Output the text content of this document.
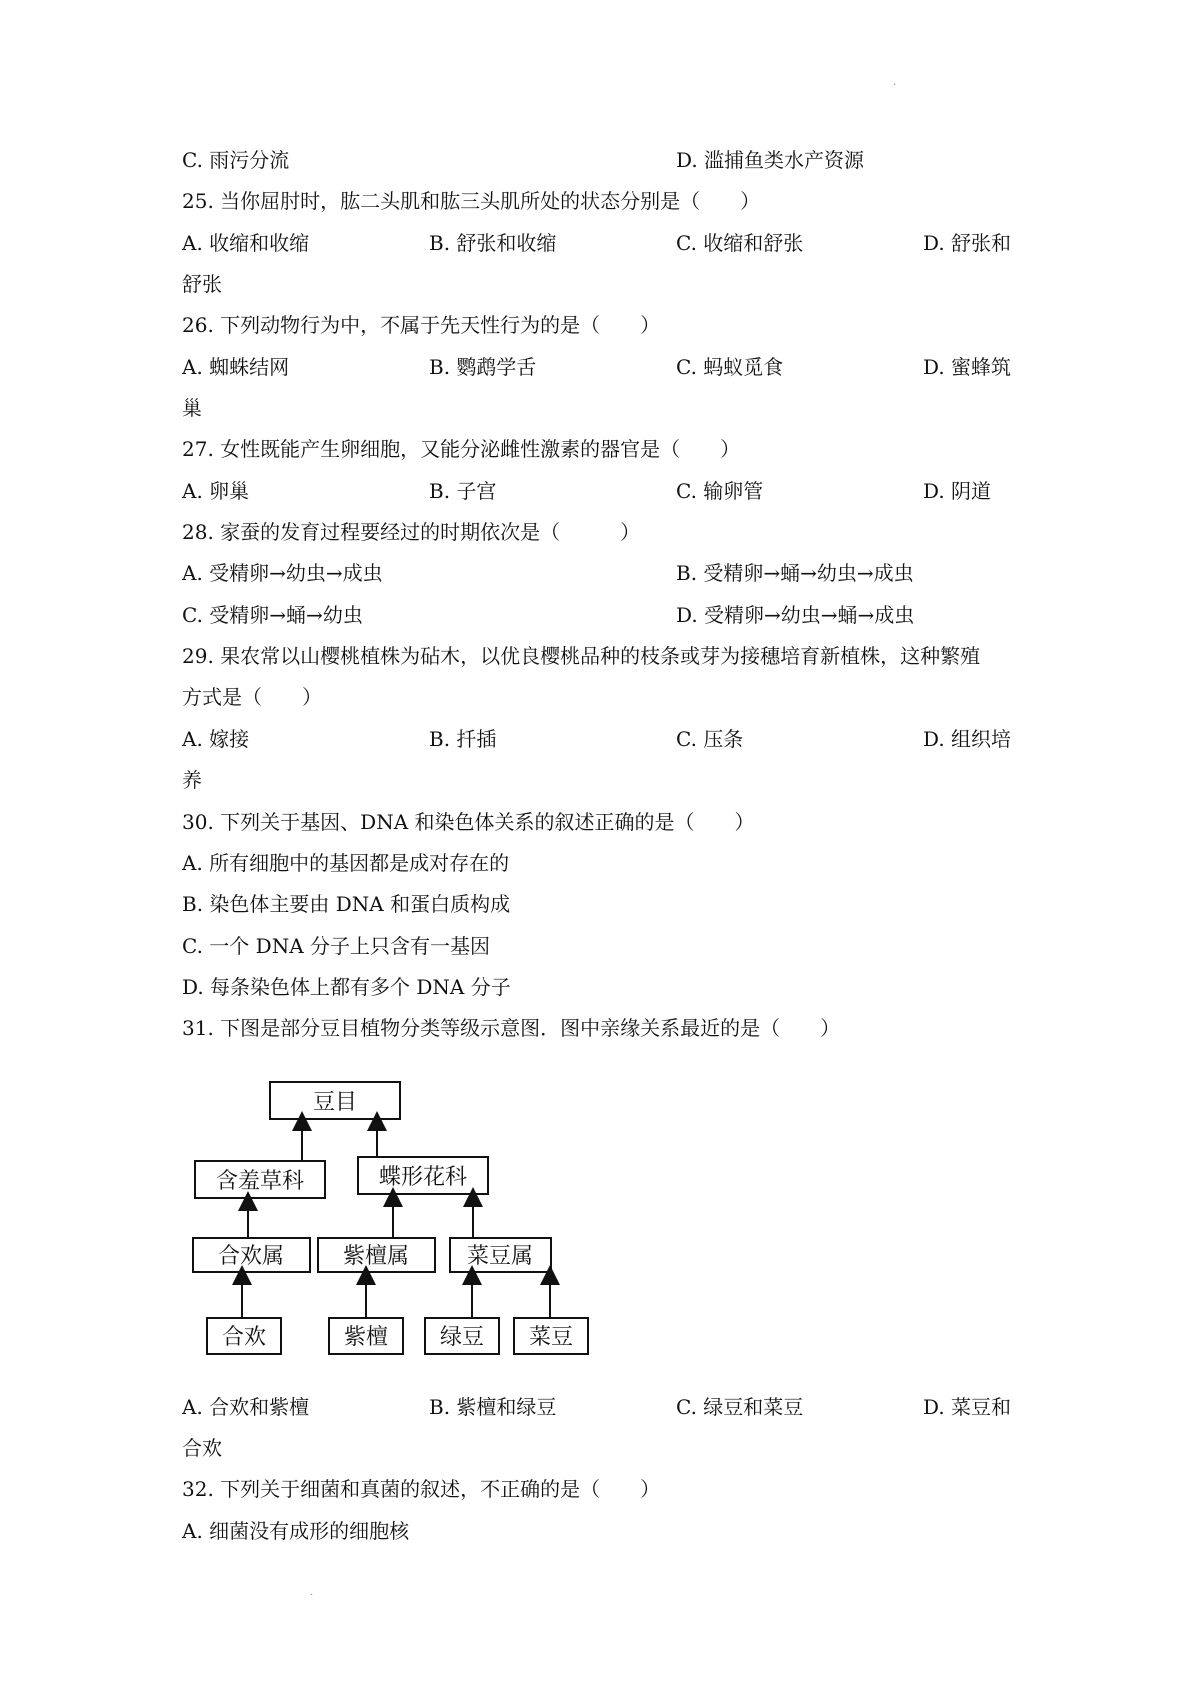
·
C. 雨污分流	D. 滥捕鱼类水产资源
25. 当你屈肘时，肱二头肌和肱三头肌所处的状态分别是（　　）
A. 收缩和收缩	B. 舒张和收缩	C. 收缩和舒张	D. 舒张和
舒张
26. 下列动物行为中，不属于先天性行为的是（　　）
A. 蜘蛛结网	B. 鹦鹉学舌	C. 蚂蚁觅食	D. 蜜蜂筑
巢
27. 女性既能产生卵细胞，又能分泌雌性激素的器官是（　　）
A. 卵巢	B. 子宫	C. 输卵管	D. 阴道
28. 家蚕的发育过程要经过的时期依次是（　　　）
A. 受精卵→幼虫→成虫	B. 受精卵→蛹→幼虫→成虫
C. 受精卵→蛹→幼虫	D. 受精卵→幼虫→蛹→成虫
29. 果农常以山樱桃植株为砧木，以优良樱桃品种的枝条或芽为接穗培育新植株，这种繁殖
方式是（　　）
A. 嫁接	B. 扦插	C. 压条	D. 组织培
养
30. 下列关于基因、DNA 和染色体关系的叙述正确的是（　　）
A. 所有细胞中的基因都是成对存在的
B. 染色体主要由 DNA 和蛋白质构成
C. 一个 DNA 分子上只含有一基因
D. 每条染色体上都有多个 DNA 分子
31. 下图是部分豆目植物分类等级示意图．图中亲缘关系最近的是（　　）
豆目
含羞草科	蝶形花科
合欢属	紫檀属	菜豆属
合欢	紫檀 绿豆 菜豆
A. 合欢和紫檀	B. 紫檀和绿豆	C. 绿豆和菜豆	D. 菜豆和
合欢
32. 下列关于细菌和真菌的叙述，不正确的是（　　）
A. 细菌没有成形的细胞核
·
